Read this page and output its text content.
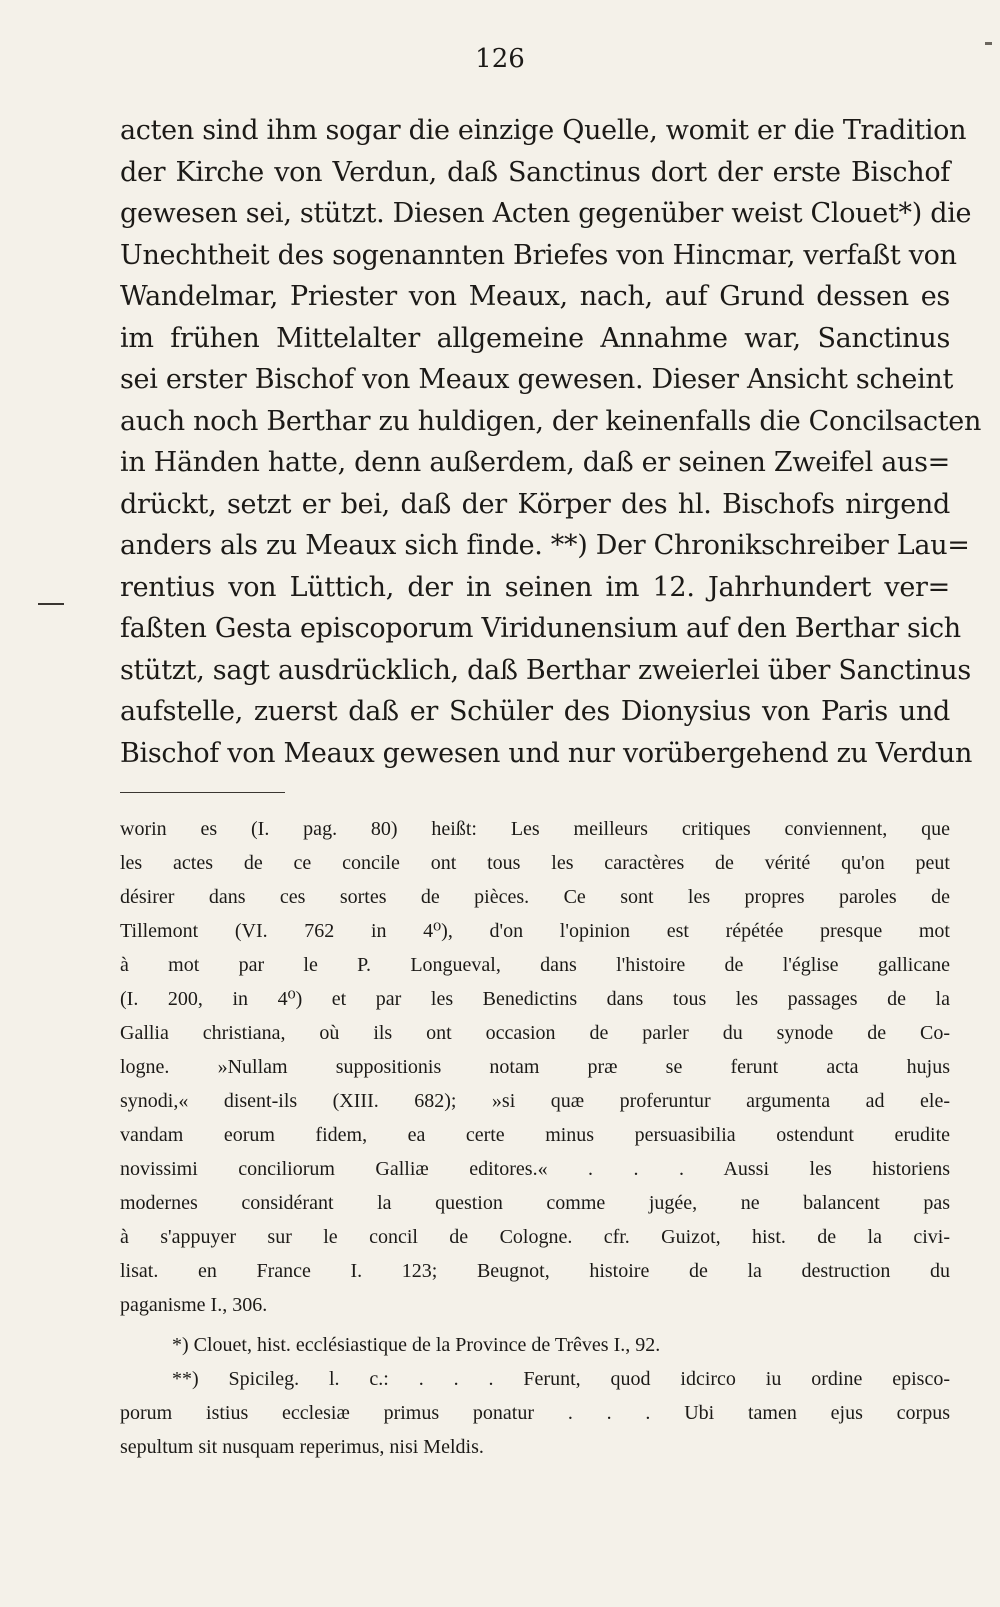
126
acten sind ihm sogar die einzige Quelle, womit er die Tradition
der Kirche von Verdun, daß Sanctinus dort der erste Bischof
gewesen sei, stützt. Diesen Acten gegenüber weist Clouet*) die
Unechtheit des sogenannten Briefes von Hincmar, verfaßt von
Wandelmar, Priester von Meaux, nach, auf Grund dessen es
im frühen Mittelalter allgemeine Annahme war, Sanctinus
sei erster Bischof von Meaux gewesen. Dieser Ansicht scheint
auch noch Berthar zu huldigen, der keinenfalls die Concilsacten
in Händen hatte, denn außerdem, daß er seinen Zweifel aus=
drückt, setzt er bei, daß der Körper des hl. Bischofs nirgend
anders als zu Meaux sich finde. **) Der Chronikschreiber Lau=
rentius von Lüttich, der in seinen im 12. Jahrhundert ver=
faßten Gesta episcoporum Viridunensium auf den Berthar sich
stützt, sagt ausdrücklich, daß Berthar zweierlei über Sanctinus
aufstelle, zuerst daß er Schüler des Dionysius von Paris und
Bischof von Meaux gewesen und nur vorübergehend zu Verdun
worin es (I. pag. 80) heißt: Les meilleurs critiques conviennent, que
les actes de ce concile ont tous les caractères de vérité qu'on peut
désirer dans ces sortes de pièces. Ce sont les propres paroles de
Tillemont (VI. 762 in 4⁰), d'on l'opinion est répétée presque mot
à mot par le P. Longueval, dans l'histoire de l'église gallicane
(I. 200, in 4⁰) et par les Benedictins dans tous les passages de la
Gallia christiana, où ils ont occasion de parler du synode de Co-
logne. »Nullam suppositionis notam præ se ferunt acta hujus
synodi,« disent-ils (XIII. 682); »si quæ proferuntur argumenta ad ele-
vandam eorum fidem, ea certe minus persuasibilia ostendunt erudite
novissimi conciliorum Galliæ editores.« . . . Aussi les historiens
modernes considérant la question comme jugée, ne balancent pas
à s'appuyer sur le concil de Cologne. cfr. Guizot, hist. de la civi-
lisat. en France I. 123; Beugnot, histoire de la destruction du
paganisme I., 306.
*) Clouet, hist. ecclésiastique de la Province de Trêves I., 92.
**) Spicileg. l. c.: . . . Ferunt, quod idcirco iu ordine episco-
porum istius ecclesiæ primus ponatur . . . Ubi tamen ejus corpus
sepultum sit nusquam reperimus, nisi Meldis.
